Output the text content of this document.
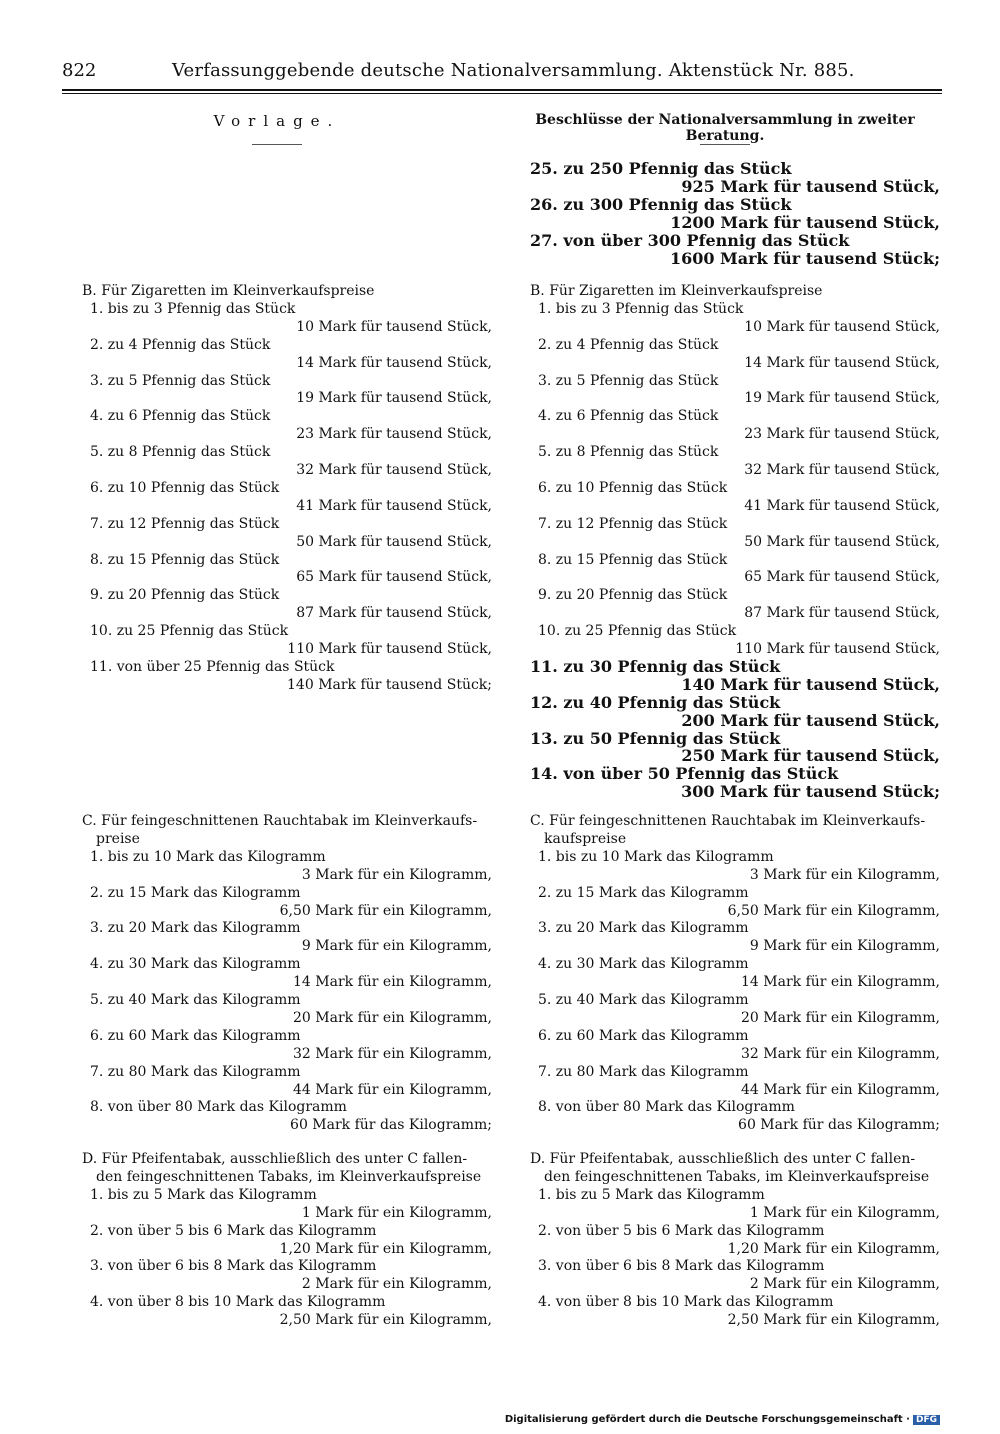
822	Verfassunggebende deutsche Nationalversammlung. Aktenstück Nr. 885.
Vorlage.	Beschlüsse der Nationalversammlung in zweiter Beratung.
25. zu 250 Pfennig das Stück
925 Mark für tausend Stück,
26. zu 300 Pfennig das Stück
1200 Mark für tausend Stück,
27. von über 300 Pfennig das Stück
1600 Mark für tausend Stück;
B. Für Zigaretten im Kleinverkaufspreise	B. Für Zigaretten im Kleinverkaufspreise
1. bis zu 3 Pfennig das Stück	1. bis zu 3 Pfennig das Stück
10 Mark für tausend Stück,	10 Mark für tausend Stück,
2. zu 4 Pfennig das Stück	2. zu 4 Pfennig das Stück
14 Mark für tausend Stück,	14 Mark für tausend Stück,
3. zu 5 Pfennig das Stück	3. zu 5 Pfennig das Stück
19 Mark für tausend Stück,	19 Mark für tausend Stück,
4. zu 6 Pfennig das Stück	4. zu 6 Pfennig das Stück
23 Mark für tausend Stück,	23 Mark für tausend Stück,
5. zu 8 Pfennig das Stück	5. zu 8 Pfennig das Stück
32 Mark für tausend Stück,	32 Mark für tausend Stück,
6. zu 10 Pfennig das Stück	6. zu 10 Pfennig das Stück
41 Mark für tausend Stück,	41 Mark für tausend Stück,
7. zu 12 Pfennig das Stück	7. zu 12 Pfennig das Stück
50 Mark für tausend Stück,	50 Mark für tausend Stück,
8. zu 15 Pfennig das Stück	8. zu 15 Pfennig das Stück
65 Mark für tausend Stück,	65 Mark für tausend Stück,
9. zu 20 Pfennig das Stück	9. zu 20 Pfennig das Stück
87 Mark für tausend Stück,	87 Mark für tausend Stück,
10. zu 25 Pfennig das Stück	10. zu 25 Pfennig das Stück
110 Mark für tausend Stück,	110 Mark für tausend Stück,
11. von über 25 Pfennig das Stück
140 Mark für tausend Stück;
11. zu 30 Pfennig das Stück
140 Mark für tausend Stück,
12. zu 40 Pfennig das Stück
200 Mark für tausend Stück,
13. zu 50 Pfennig das Stück
250 Mark für tausend Stück,
14. von über 50 Pfennig das Stück
300 Mark für tausend Stück;
C. Für feingeschnittenen Rauchtabak im Kleinverkaufs-
preise
C. Für feingeschnittenen Rauchtabak im Kleinverkaufs-
kaufspreise
1. bis zu 10 Mark das Kilogramm	1. bis zu 10 Mark das Kilogramm
3 Mark für ein Kilogramm,	3 Mark für ein Kilogramm,
2. zu 15 Mark das Kilogramm	2. zu 15 Mark das Kilogramm
6,50 Mark für ein Kilogramm,	6,50 Mark für ein Kilogramm,
3. zu 20 Mark das Kilogramm	3. zu 20 Mark das Kilogramm
9 Mark für ein Kilogramm,	9 Mark für ein Kilogramm,
4. zu 30 Mark das Kilogramm	4. zu 30 Mark das Kilogramm
14 Mark für ein Kilogramm,	14 Mark für ein Kilogramm,
5. zu 40 Mark das Kilogramm	5. zu 40 Mark das Kilogramm
20 Mark für ein Kilogramm,	20 Mark für ein Kilogramm,
6. zu 60 Mark das Kilogramm	6. zu 60 Mark das Kilogramm
32 Mark für ein Kilogramm,	32 Mark für ein Kilogramm,
7. zu 80 Mark das Kilogramm	7. zu 80 Mark das Kilogramm
44 Mark für ein Kilogramm,	44 Mark für ein Kilogramm,
8. von über 80 Mark das Kilogramm	8. von über 80 Mark das Kilogramm
60 Mark für das Kilogramm;	60 Mark für das Kilogramm;
D. Für Pfeifentabak, ausschließlich des unter C fallen-
den feingeschnittenen Tabaks, im Kleinverkaufspreise
D. Für Pfeifentabak, ausschließlich des unter C fallen-
den feingeschnittenen Tabaks, im Kleinverkaufspreise
1. bis zu 5 Mark das Kilogramm	1. bis zu 5 Mark das Kilogramm
1 Mark für ein Kilogramm,	1 Mark für ein Kilogramm,
2. von über 5 bis 6 Mark das Kilogramm	2. von über 5 bis 6 Mark das Kilogramm
1,20 Mark für ein Kilogramm,	1,20 Mark für ein Kilogramm,
3. von über 6 bis 8 Mark das Kilogramm	3. von über 6 bis 8 Mark das Kilogramm
2 Mark für ein Kilogramm,	2 Mark für ein Kilogramm,
4. von über 8 bis 10 Mark das Kilogramm	4. von über 8 bis 10 Mark das Kilogramm
2,50 Mark für ein Kilogramm,	2,50 Mark für ein Kilogramm,
Digitalisierung gefördert durch die Deutsche Forschungsgemeinschaft · DFG
